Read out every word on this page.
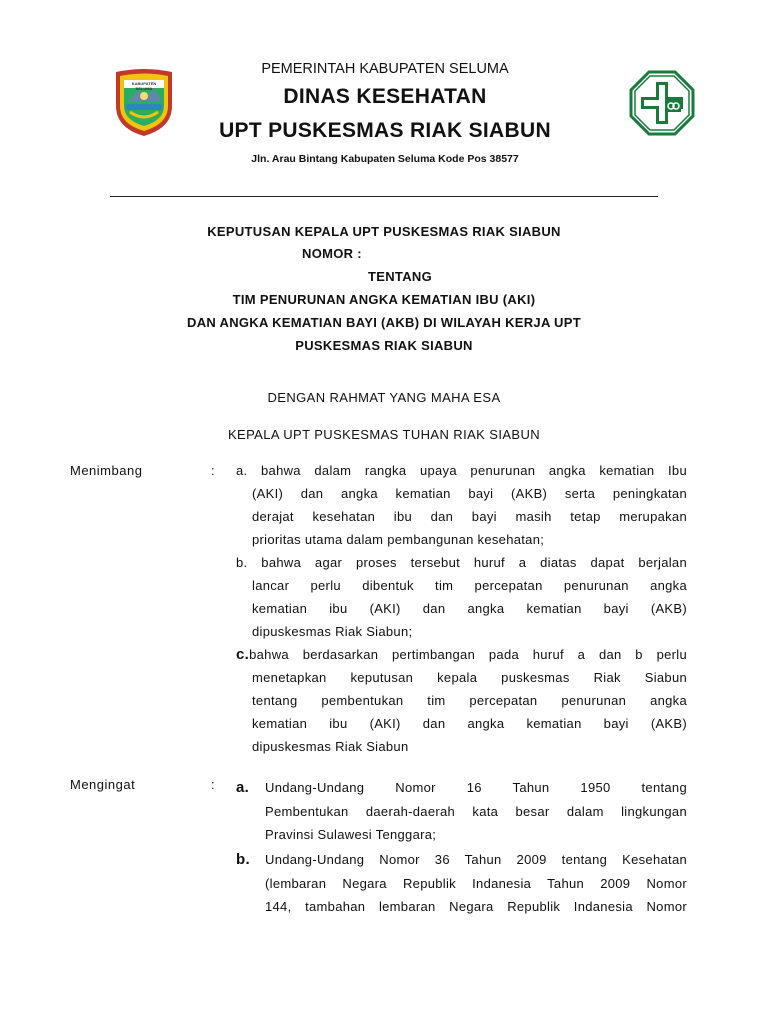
KABUPATEN SELUMA
PEMERINTAH KABUPATEN SELUMA
DINAS KESEHATAN
UPT PUSKESMAS RIAK SIABUN
Jln. Arau Bintang Kabupaten Seluma Kode Pos 38577
KEPUTUSAN KEPALA UPT PUSKESMAS RIAK SIABUN
NOMOR :
TENTANG
TIM PENURUNAN ANGKA KEMATIAN IBU (AKI)
DAN ANGKA KEMATIAN BAYI (AKB) DI WILAYAH KERJA UPT
PUSKESMAS RIAK SIABUN
DENGAN RAHMAT YANG MAHA ESA
KEPALA UPT PUSKESMAS TUHAN RIAK SIABUN
Menimbang	: a. bahwa dalam rangka upaya penurunan angka kematian Ibu
(AKI) dan angka kematian bayi (AKB) serta peningkatan
derajat kesehatan ibu dan bayi masih tetap merupakan
prioritas utama dalam pembangunan kesehatan;
b. bahwa agar proses tersebut huruf a diatas dapat berjalan
lancar perlu dibentuk tim percepatan penurunan angka
kematian ibu (AKI) dan angka kematian bayi (AKB)
dipuskesmas Riak Siabun;
c.bahwa berdasarkan pertimbangan pada huruf a dan b perlu
menetapkan keputusan kepala puskesmas Riak Siabun
tentang pembentukan tim percepatan penurunan angka
kematian ibu (AKI) dan angka kematian bayi (AKB)
dipuskesmas Riak Siabun
Mengingat	: a. Undang-Undang Nomor 16 Tahun 1950 tentang
Pembentukan daerah-daerah kata besar dalam lingkungan
Pravinsi Sulawesi Tenggara;
b. Undang-Undang Nomor 36 Tahun 2009 tentang Kesehatan
(lembaran Negara Republik Indanesia Tahun 2009 Nomor
144, tambahan lembaran Negara Republik Indanesia Nomor
